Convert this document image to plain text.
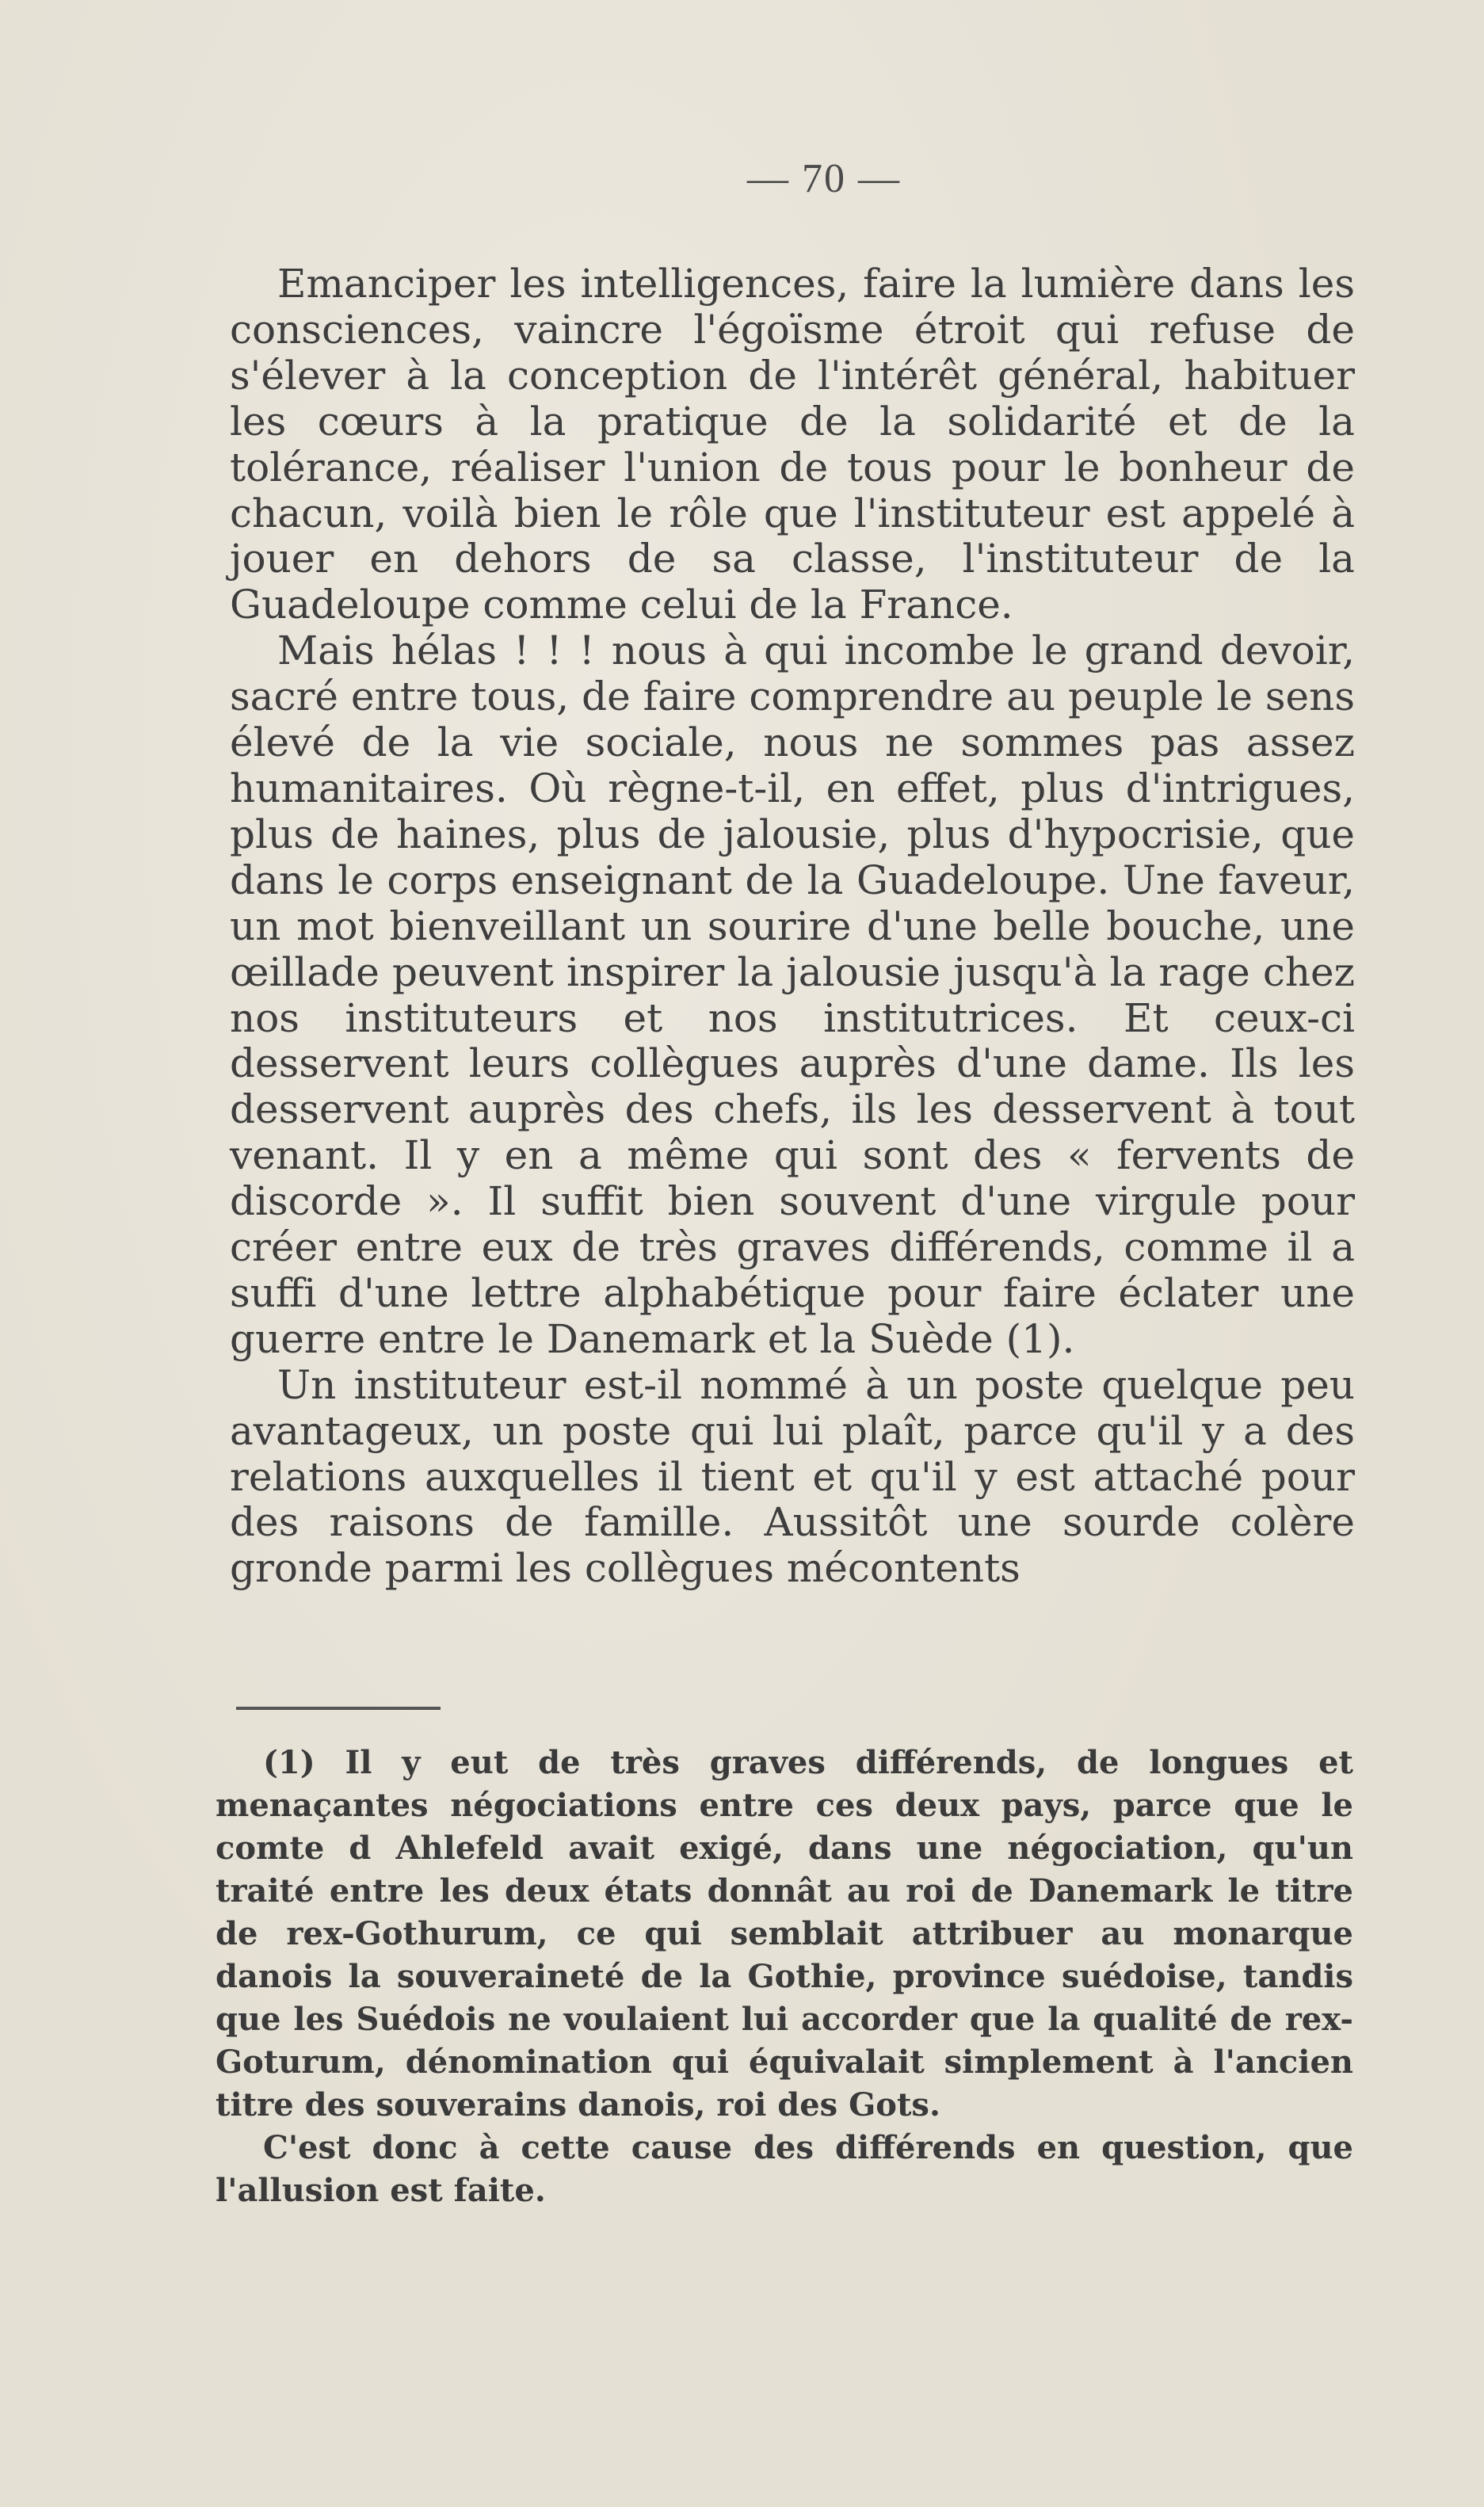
— 70 —

Emanciper les intelligences, faire la lumière dans les consciences, vaincre l'égoïsme étroit qui refuse de s'élever à la conception de l'intérêt général, habituer les cœurs à la pratique de la solidarité et de la tolérance, réaliser l'union de tous pour le bonheur de chacun, voilà bien le rôle que l'instituteur est appelé à jouer en dehors de sa classe, l'instituteur de la Guadeloupe comme celui de la France.

Mais hélas ! ! ! nous à qui incombe le grand devoir, sacré entre tous, de faire comprendre au peuple le sens élevé de la vie sociale, nous ne sommes pas assez humanitaires. Où règne-t-il, en effet, plus d'intrigues, plus de haines, plus de jalousie, plus d'hypocrisie, que dans le corps enseignant de la Guadeloupe. Une faveur, un mot bienveillant un sourire d'une belle bouche, une œillade peuvent inspirer la jalousie jusqu'à la rage chez nos instituteurs et nos institutrices. Et ceux-ci desservent leurs collègues auprès d'une dame. Ils les desservent auprès des chefs, ils les desservent à tout venant. Il y en a même qui sont des « fervents de discorde ». Il suffit bien souvent d'une virgule pour créer entre eux de très graves différends, comme il a suffi d'une lettre alphabétique pour faire éclater une guerre entre le Danemark et la Suède (1).

Un instituteur est-il nommé à un poste quelque peu avantageux, un poste qui lui plaît, parce qu'il y a des relations auxquelles il tient et qu'il y est attaché pour des raisons de famille. Aussitôt une sourde colère gronde parmi les collègues mécontents

(1) Il y eut de très graves différends, de longues et menaçantes négociations entre ces deux pays, parce que le comte d Ahlefeld avait exigé, dans une négociation, qu'un traité entre les deux états donnât au roi de Danemark le titre de rex-Gothurum, ce qui semblait attribuer au monarque danois la souveraineté de la Gothie, province suédoise, tandis que les Suédois ne voulaient lui accorder que la qualité de rex-Goturum, dénomination qui équivalait simplement à l'ancien titre des souverains danois, roi des Gots.

C'est donc à cette cause des différends en question, que l'allusion est faite.
